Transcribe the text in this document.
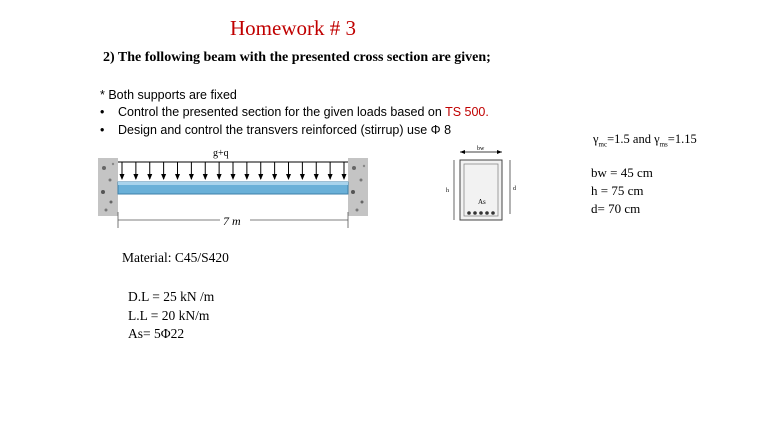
Homework # 3
2) The following beam with the presented cross section are given;
* Both supports are fixed
• Control the presented section for the given loads based on TS 500.
• Design and control the transvers reinforced (stirrup) use Φ 8
g+q
7 m
bw
h	d
As
$\gamma_{mc}=1.5$ and $\gamma_{ms}=1.15$
bw = 45 cm
h = 75 cm
d= 70 cm
Material: C45/S420
D.L = 25 kN /m
L.L = 20 kN/m
As= 5Φ22
